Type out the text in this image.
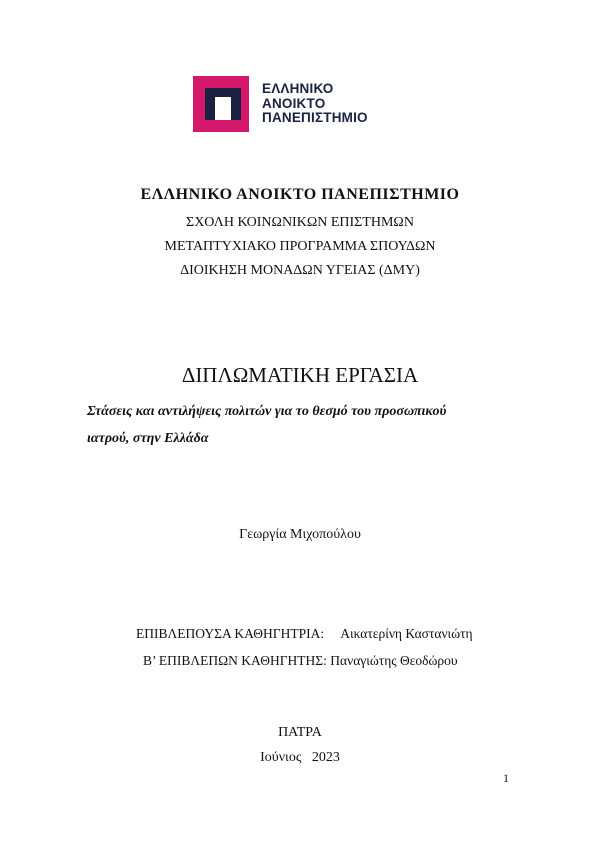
ΕΛΛΗΝΙΚΟ
ΑΝΟΙΚΤΟ
ΠΑΝΕΠΙΣΤΗΜΙΟ
ΕΛΛΗΝΙΚΟ ΑΝΟΙΚΤΟ ΠΑΝΕΠΙΣΤΗΜΙΟ
ΣΧΟΛΗ ΚΟΙΝΩΝΙΚΩΝ ΕΠΙΣΤΗΜΩΝ
ΜΕΤΑΠΤΥΧΙΑΚΟ ΠΡΟΓΡΑΜΜΑ ΣΠΟΥΔΩΝ
ΔΙΟΙΚΗΣΗ ΜΟΝΑΔΩΝ ΥΓΕΙΑΣ (ΔΜΥ)
ΔΙΠΛΩΜΑΤΙΚΗ ΕΡΓΑΣΙΑ
Στάσεις και αντιλήψεις πολιτών για το θεσμό του προσωπικού
ιατρού, στην Ελλάδα
Γεωργία Μιχοπούλου
ΕΠΙΒΛΕΠΟΥΣΑ ΚΑΘΗΓΗΤΡΙΑ:     Αικατερίνη Καστανιώτη
Β’ ΕΠΙΒΛΕΠΩΝ ΚΑΘΗΓΗΤΗΣ: Παναγιώτης Θεοδώρου
ΠΑΤΡΑ
Ιούνιος   2023
1
